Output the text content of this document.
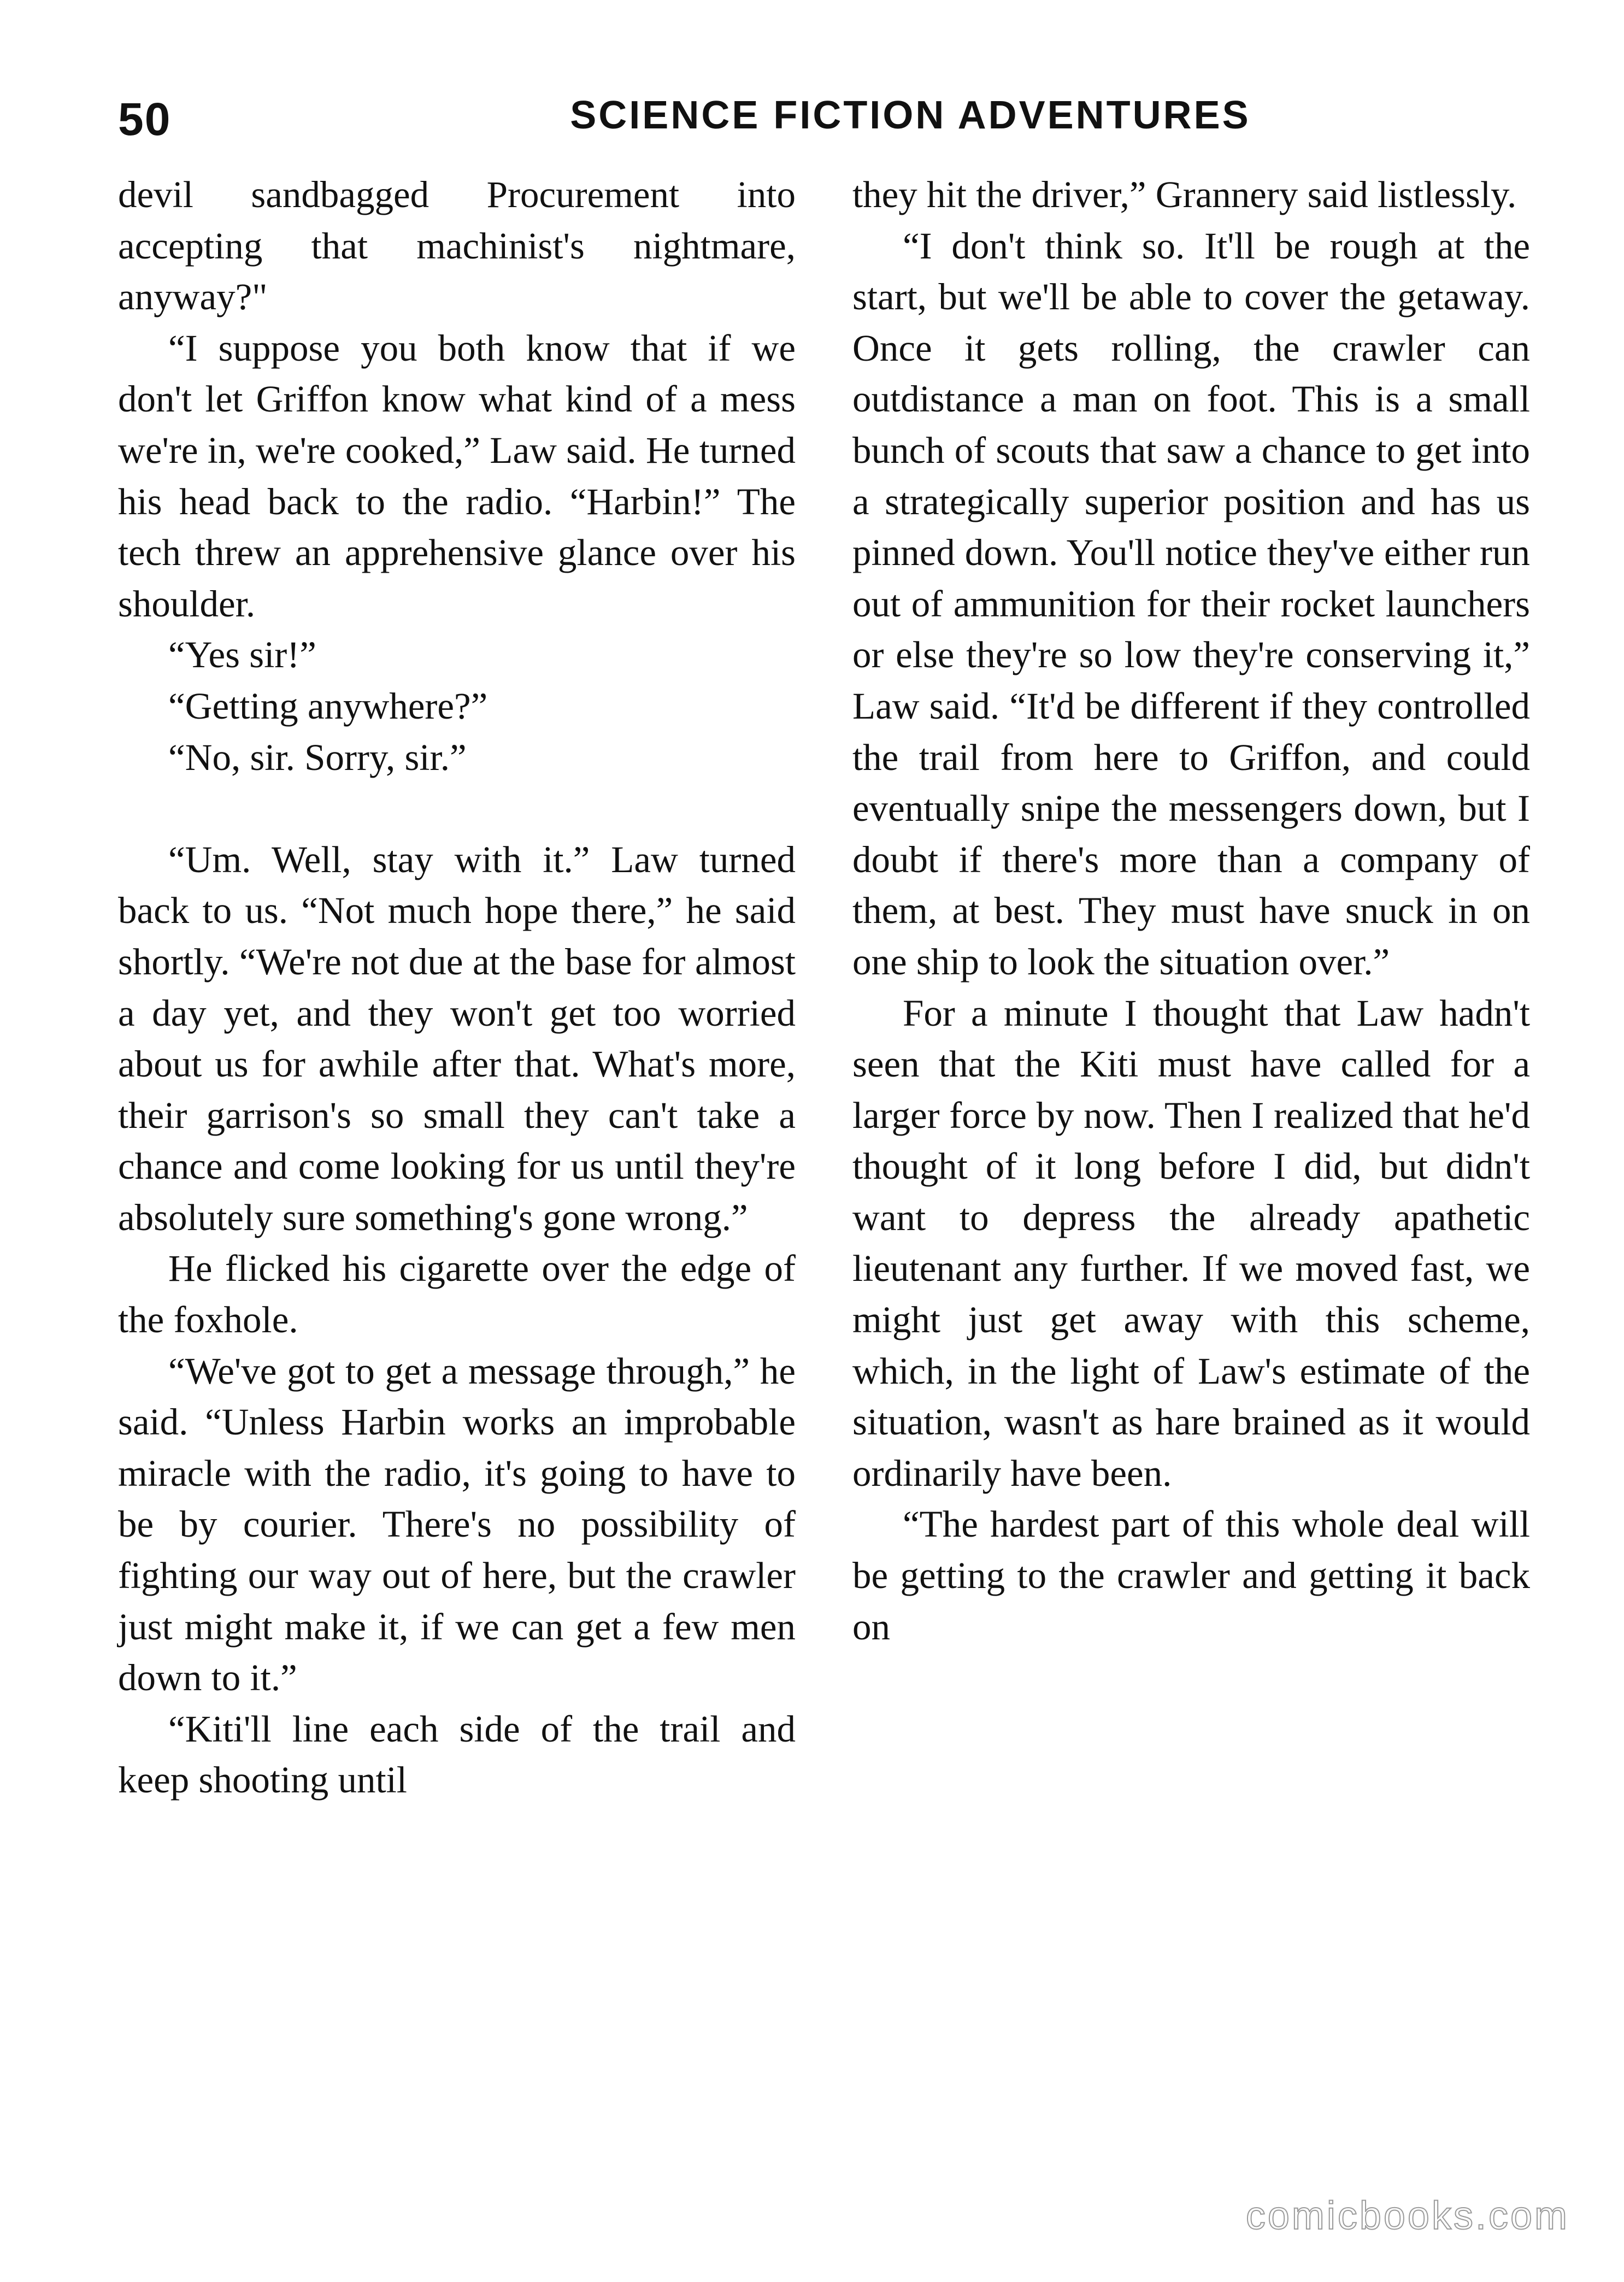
50	SCIENCE FICTION ADVENTURES

devil sandbagged Procurement into accepting that machinist's nightmare, anyway?"

“I suppose you both know that if we don't let Griffon know what kind of a mess we're in, we're cooked,” Law said. He turned his head back to the radio. “Harbin!” The tech threw an apprehensive glance over his shoulder.

“Yes sir!”

“Getting anywhere?”

“No, sir. Sorry, sir.”

“Um. Well, stay with it.” Law turned back to us. “Not much hope there,” he said shortly. “We're not due at the base for almost a day yet, and they won't get too worried about us for awhile after that. What's more, their garrison's so small they can't take a chance and come looking for us until they're absolutely sure something's gone wrong.”

He flicked his cigarette over the edge of the foxhole.

“We've got to get a message through,” he said. “Unless Harbin works an improbable miracle with the radio, it's going to have to be by courier. There's no possibility of fighting our way out of here, but the crawler just might make it, if we can get a few men down to it.”

“Kiti'll line each side of the trail and keep shooting until

they hit the driver,” Grannery said listlessly.

“I don't think so. It'll be rough at the start, but we'll be able to cover the getaway. Once it gets rolling, the crawler can outdistance a man on foot. This is a small bunch of scouts that saw a chance to get into a strategically superior position and has us pinned down. You'll notice they've either run out of ammunition for their rocket launchers or else they're so low they're conserving it,” Law said. “It'd be different if they controlled the trail from here to Griffon, and could eventually snipe the messengers down, but I doubt if there's more than a company of them, at best. They must have snuck in on one ship to look the situation over.”

For a minute I thought that Law hadn't seen that the Kiti must have called for a larger force by now. Then I realized that he'd thought of it long before I did, but didn't want to depress the already apathetic lieutenant any further. If we moved fast, we might just get away with this scheme, which, in the light of Law's estimate of the situation, wasn't as hare brained as it would ordinarily have been.

“The hardest part of this whole deal will be getting to the crawler and getting it back on

comicbooks.com
